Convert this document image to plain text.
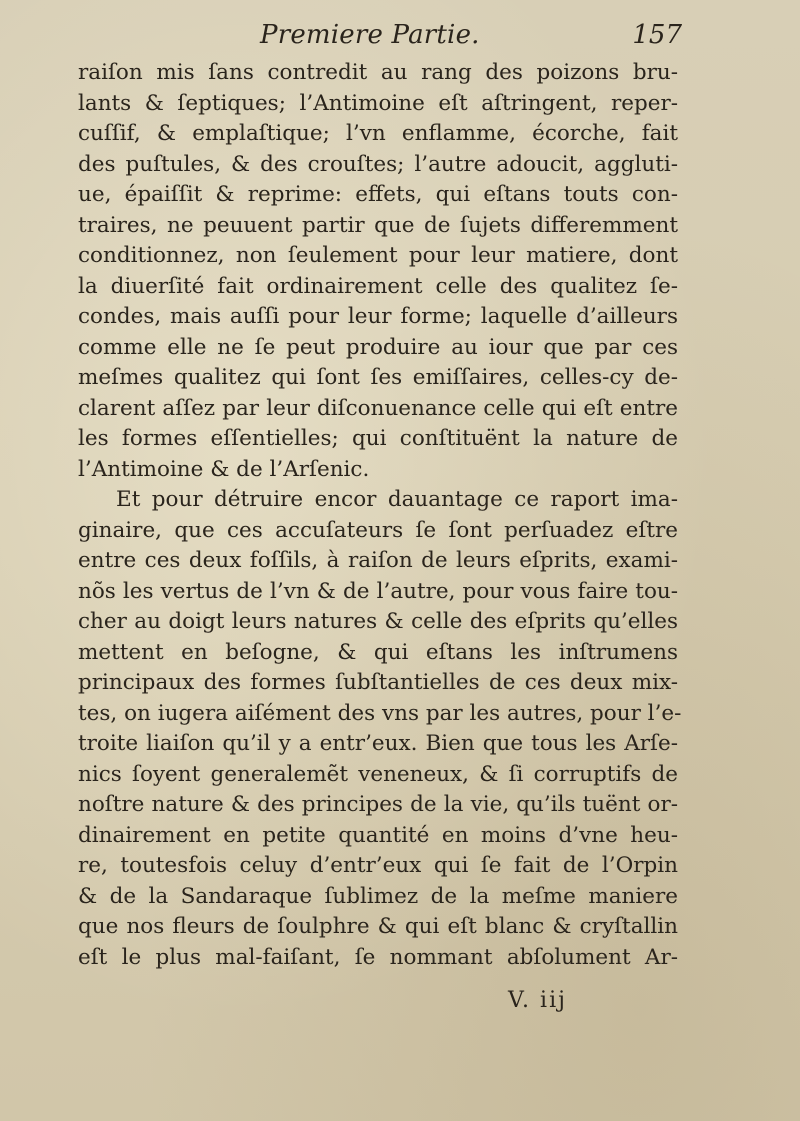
Premiere Partie.	157
raiſon mis ſans contredit au rang des poizons bru-
lants & ſeptiques; l’Antimoine eſt aſtringent, reper-
cuſſif, & emplaſtique; l’vn enflamme, écorche, fait
des puſtules, & des crouſtes; l’autre adoucit, aggluti-
ue, épaiſſit & reprime: effets, qui eſtans touts con-
traires, ne peuuent partir que de ſujets differemment
conditionnez, non ſeulement pour leur matiere, dont
la diuerſité fait ordinairement celle des qualitez ſe-
condes, mais auſſi pour leur forme; laquelle d’ailleurs
comme elle ne ſe peut produire au iour que par ces
meſmes qualitez qui ſont ſes emiſſaires, celles-cy de-
clarent aſſez par leur diſconuenance celle qui eſt entre
les formes eſſentielles; qui conſtituënt la nature de
l’Antimoine & de l’Arſenic.
Et pour détruire encor dauantage ce raport ima-
ginaire, que ces accuſateurs ſe ſont perſuadez eſtre
entre ces deux foſſils, à raiſon de leurs eſprits, exami-
nõs les vertus de l’vn & de l’autre, pour vous faire tou-
cher au doigt leurs natures & celle des eſprits qu’elles
mettent en beſogne, & qui eſtans les inſtrumens
principaux des formes ſubſtantielles de ces deux mix-
tes, on iugera aiſément des vns par les autres, pour l’e-
troite liaiſon qu’il y a entr’eux. Bien que tous les Arſe-
nics ſoyent generalemẽt veneneux, & ſi corruptifs de
noſtre nature & des principes de la vie, qu’ils tuënt or-
dinairement en petite quantité en moins d’vne heu-
re, toutesfois celuy d’entr’eux qui ſe fait de l’Orpin
& de la Sandaraque ſublimez de la meſme maniere
que nos fleurs de ſoulphre & qui eſt blanc & cryſtallin
eſt le plus mal-faiſant, ſe nommant abſolument Ar-
V. iij
